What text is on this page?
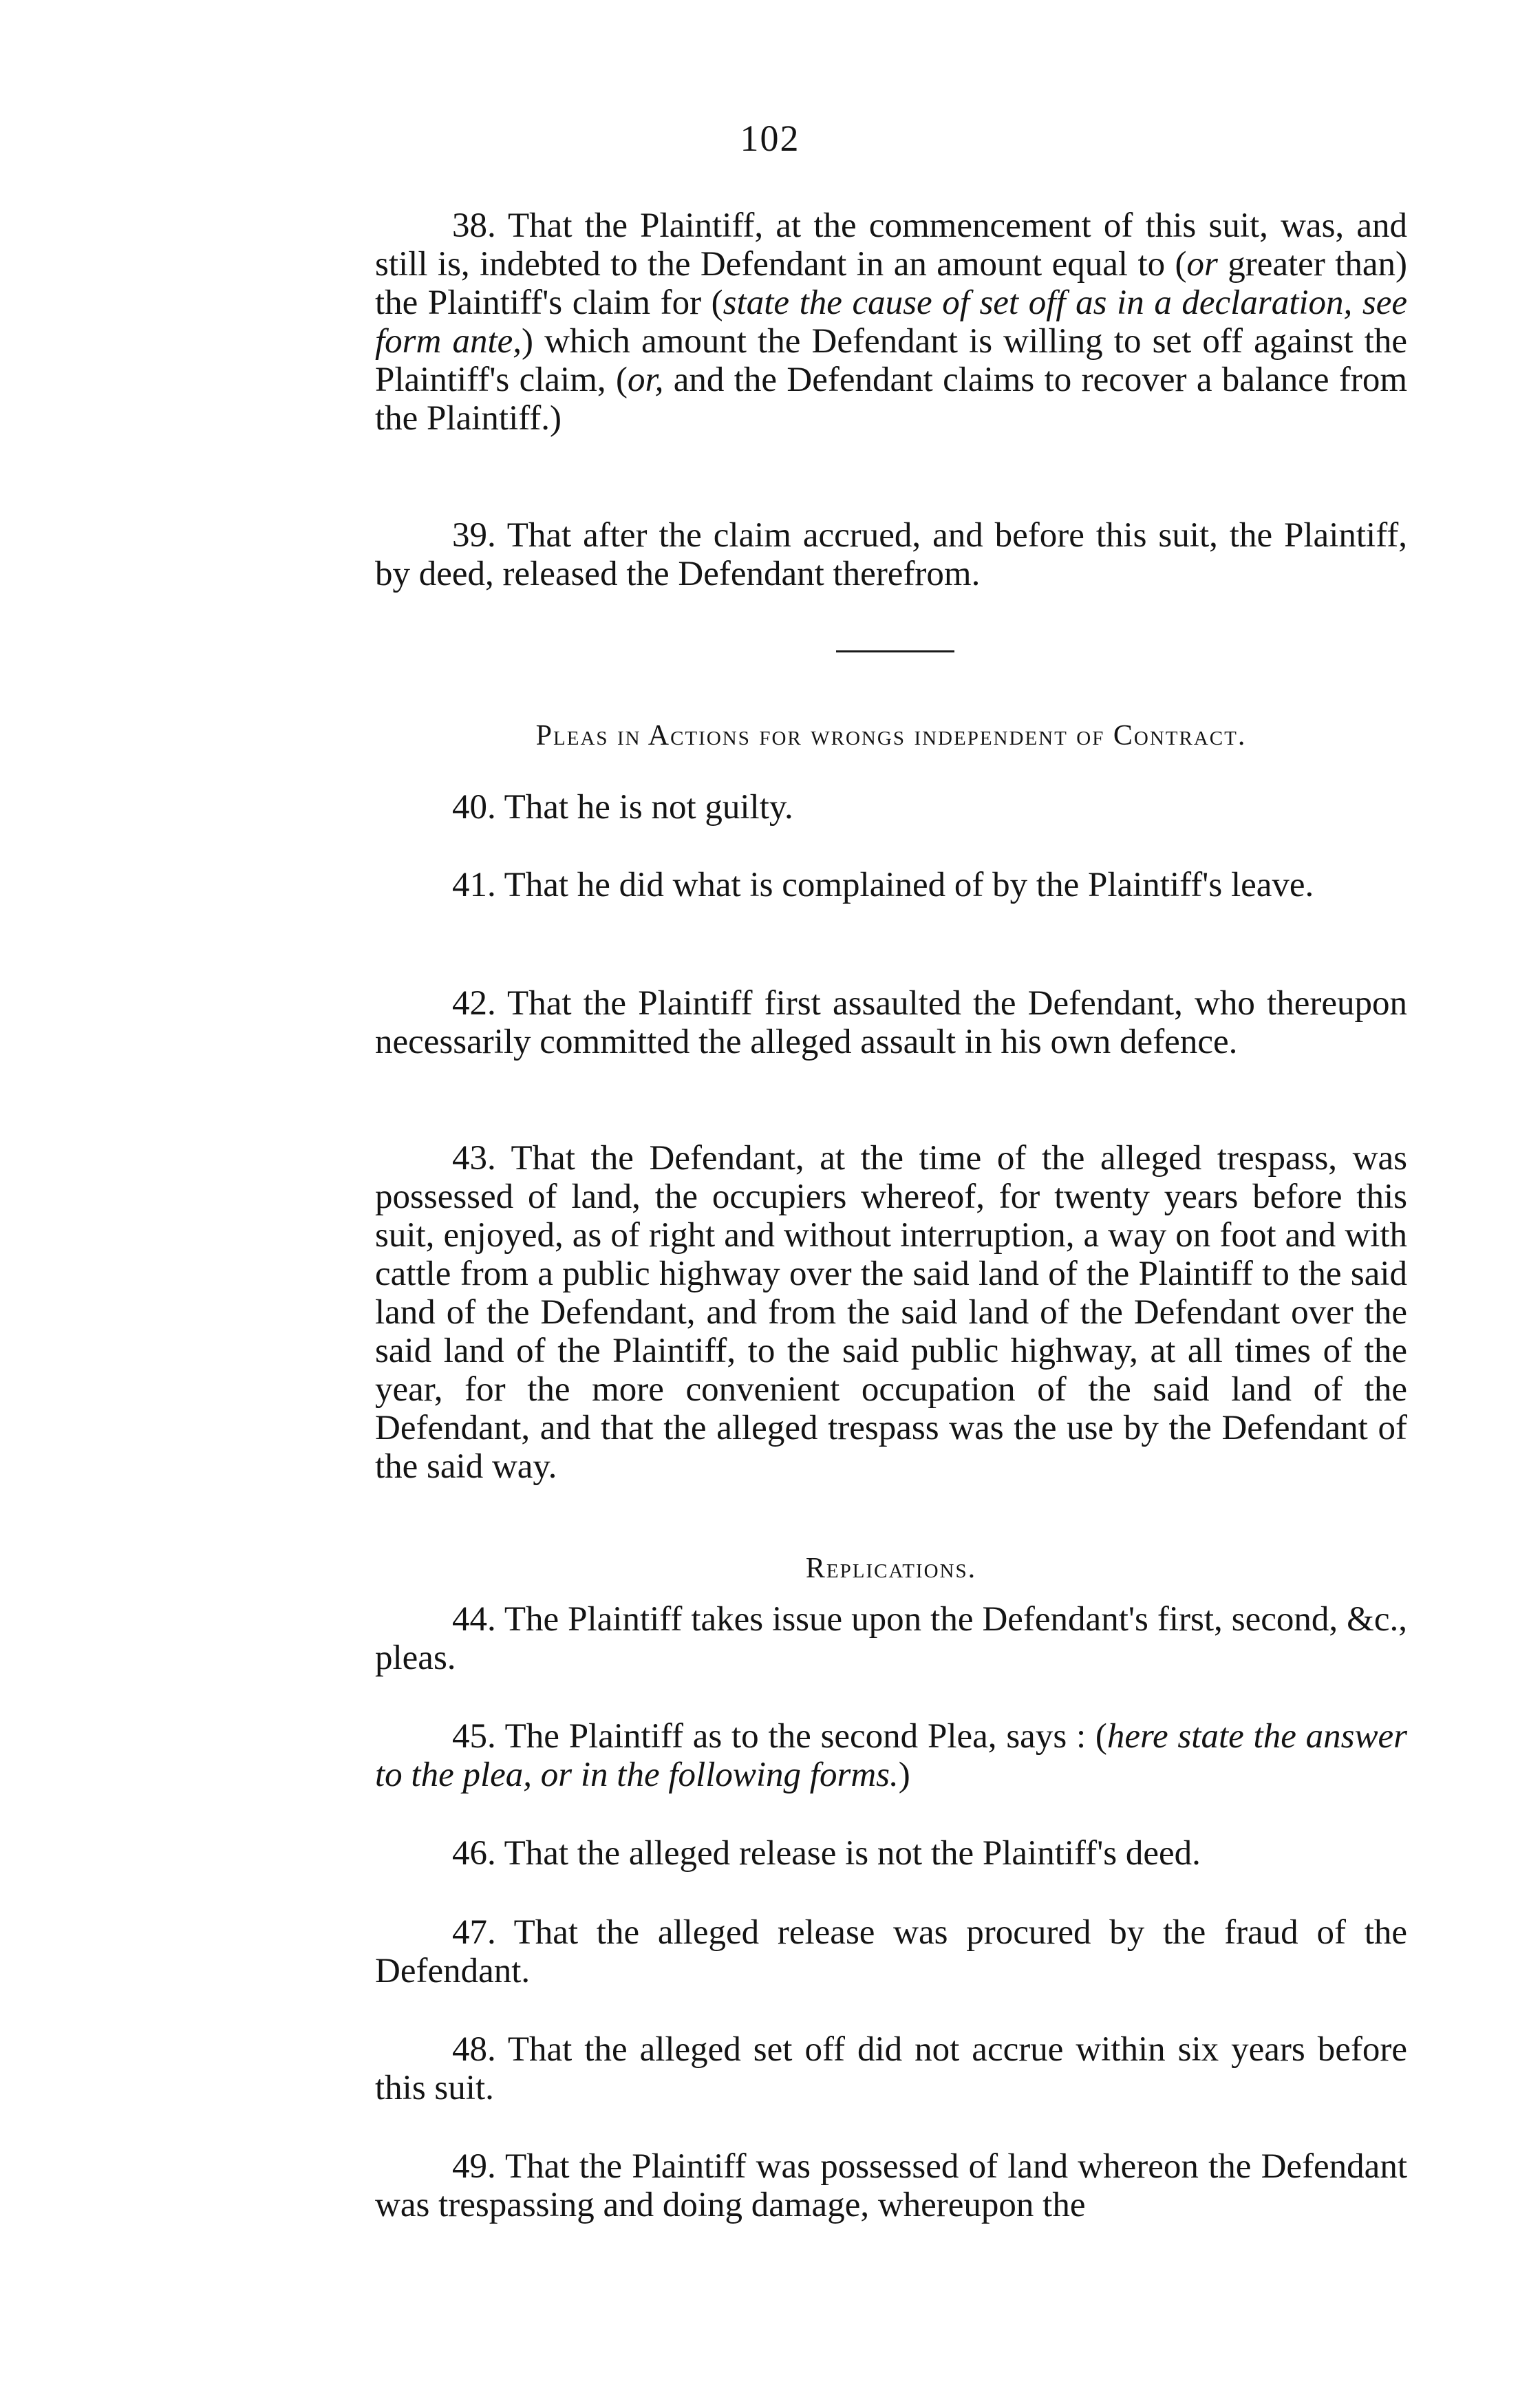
102

38. That the Plaintiff, at the commencement of this suit, was, and still is, indebted to the Defendant in an amount equal to (or greater than) the Plaintiff's claim for (state the cause of set off as in a declaration, see form ante,) which amount the Defendant is willing to set off against the Plaintiff's claim, (or, and the Defendant claims to recover a balance from the Plaintiff.)

39. That after the claim accrued, and before this suit, the Plaintiff, by deed, released the Defendant therefrom.

Pleas in Actions for wrongs independent of Contract.

40. That he is not guilty.

41. That he did what is complained of by the Plaintiff's leave.

42. That the Plaintiff first assaulted the Defendant, who thereupon necessarily committed the alleged assault in his own defence.

43. That the Defendant, at the time of the alleged trespass, was possessed of land, the occupiers whereof, for twenty years before this suit, enjoyed, as of right and without interruption, a way on foot and with cattle from a public highway over the said land of the Plaintiff to the said land of the Defendant, and from the said land of the Defendant over the said land of the Plaintiff, to the said public highway, at all times of the year, for the more convenient occupation of the said land of the Defendant, and that the alleged trespass was the use by the Defendant of the said way.

Replications.

44. The Plaintiff takes issue upon the Defendant's first, second, &c., pleas.

45. The Plaintiff as to the second Plea, says : (here state the answer to the plea, or in the following forms.)

46. That the alleged release is not the Plaintiff's deed.

47. That the alleged release was procured by the fraud of the Defendant.

48. That the alleged set off did not accrue within six years before this suit.

49. That the Plaintiff was possessed of land whereon the Defendant was trespassing and doing damage, whereupon the
